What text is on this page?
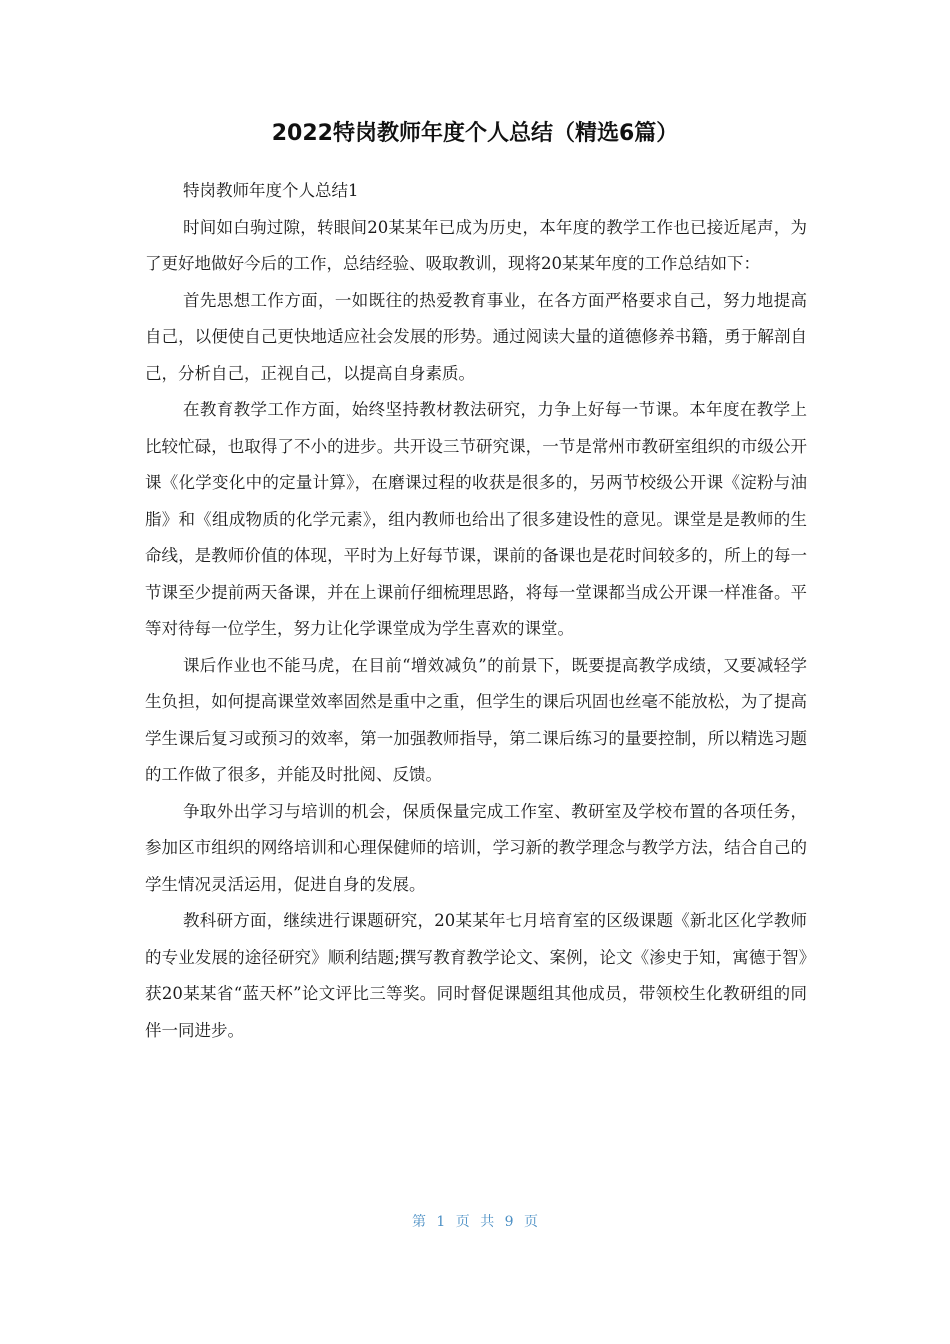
2022特岗教师年度个人总结（精选6篇）

特岗教师年度个人总结1

时间如白驹过隙，转眼间20某某年已成为历史，本年度的教学工作也已接近尾声，为了更好地做好今后的工作，总结经验、吸取教训，现将20某某年度的工作总结如下：

首先思想工作方面，一如既往的热爱教育事业，在各方面严格要求自己，努力地提高自己，以便使自己更快地适应社会发展的形势。通过阅读大量的道德修养书籍，勇于解剖自己，分析自己，正视自己，以提高自身素质。

在教育教学工作方面，始终坚持教材教法研究，力争上好每一节课。本年度在教学上比较忙碌，也取得了不小的进步。共开设三节研究课，一节是常州市教研室组织的市级公开课《化学变化中的定量计算》，在磨课过程的收获是很多的，另两节校级公开课《淀粉与油脂》和《组成物质的化学元素》，组内教师也给出了很多建设性的意见。课堂是是教师的生命线，是教师价值的体现，平时为上好每节课，课前的备课也是花时间较多的，所上的每一节课至少提前两天备课，并在上课前仔细梳理思路，将每一堂课都当成公开课一样准备。平等对待每一位学生，努力让化学课堂成为学生喜欢的课堂。

课后作业也不能马虎，在目前“增效减负”的前景下，既要提高教学成绩，又要减轻学生负担，如何提高课堂效率固然是重中之重，但学生的课后巩固也丝毫不能放松，为了提高学生课后复习或预习的效率，第一加强教师指导，第二课后练习的量要控制，所以精选习题的工作做了很多，并能及时批阅、反馈。

争取外出学习与培训的机会，保质保量完成工作室、教研室及学校布置的各项任务，参加区市组织的网络培训和心理保健师的培训，学习新的教学理念与教学方法，结合自己的学生情况灵活运用，促进自身的发展。

教科研方面，继续进行课题研究，20某某年七月培育室的区级课题《新北区化学教师的专业发展的途径研究》顺利结题;撰写教育教学论文、案例，论文《渗史于知，寓德于智》获20某某省“蓝天杯”论文评比三等奖。同时督促课题组其他成员，带领校生化教研组的同伴一同进步。

第 1 页 共 9 页
